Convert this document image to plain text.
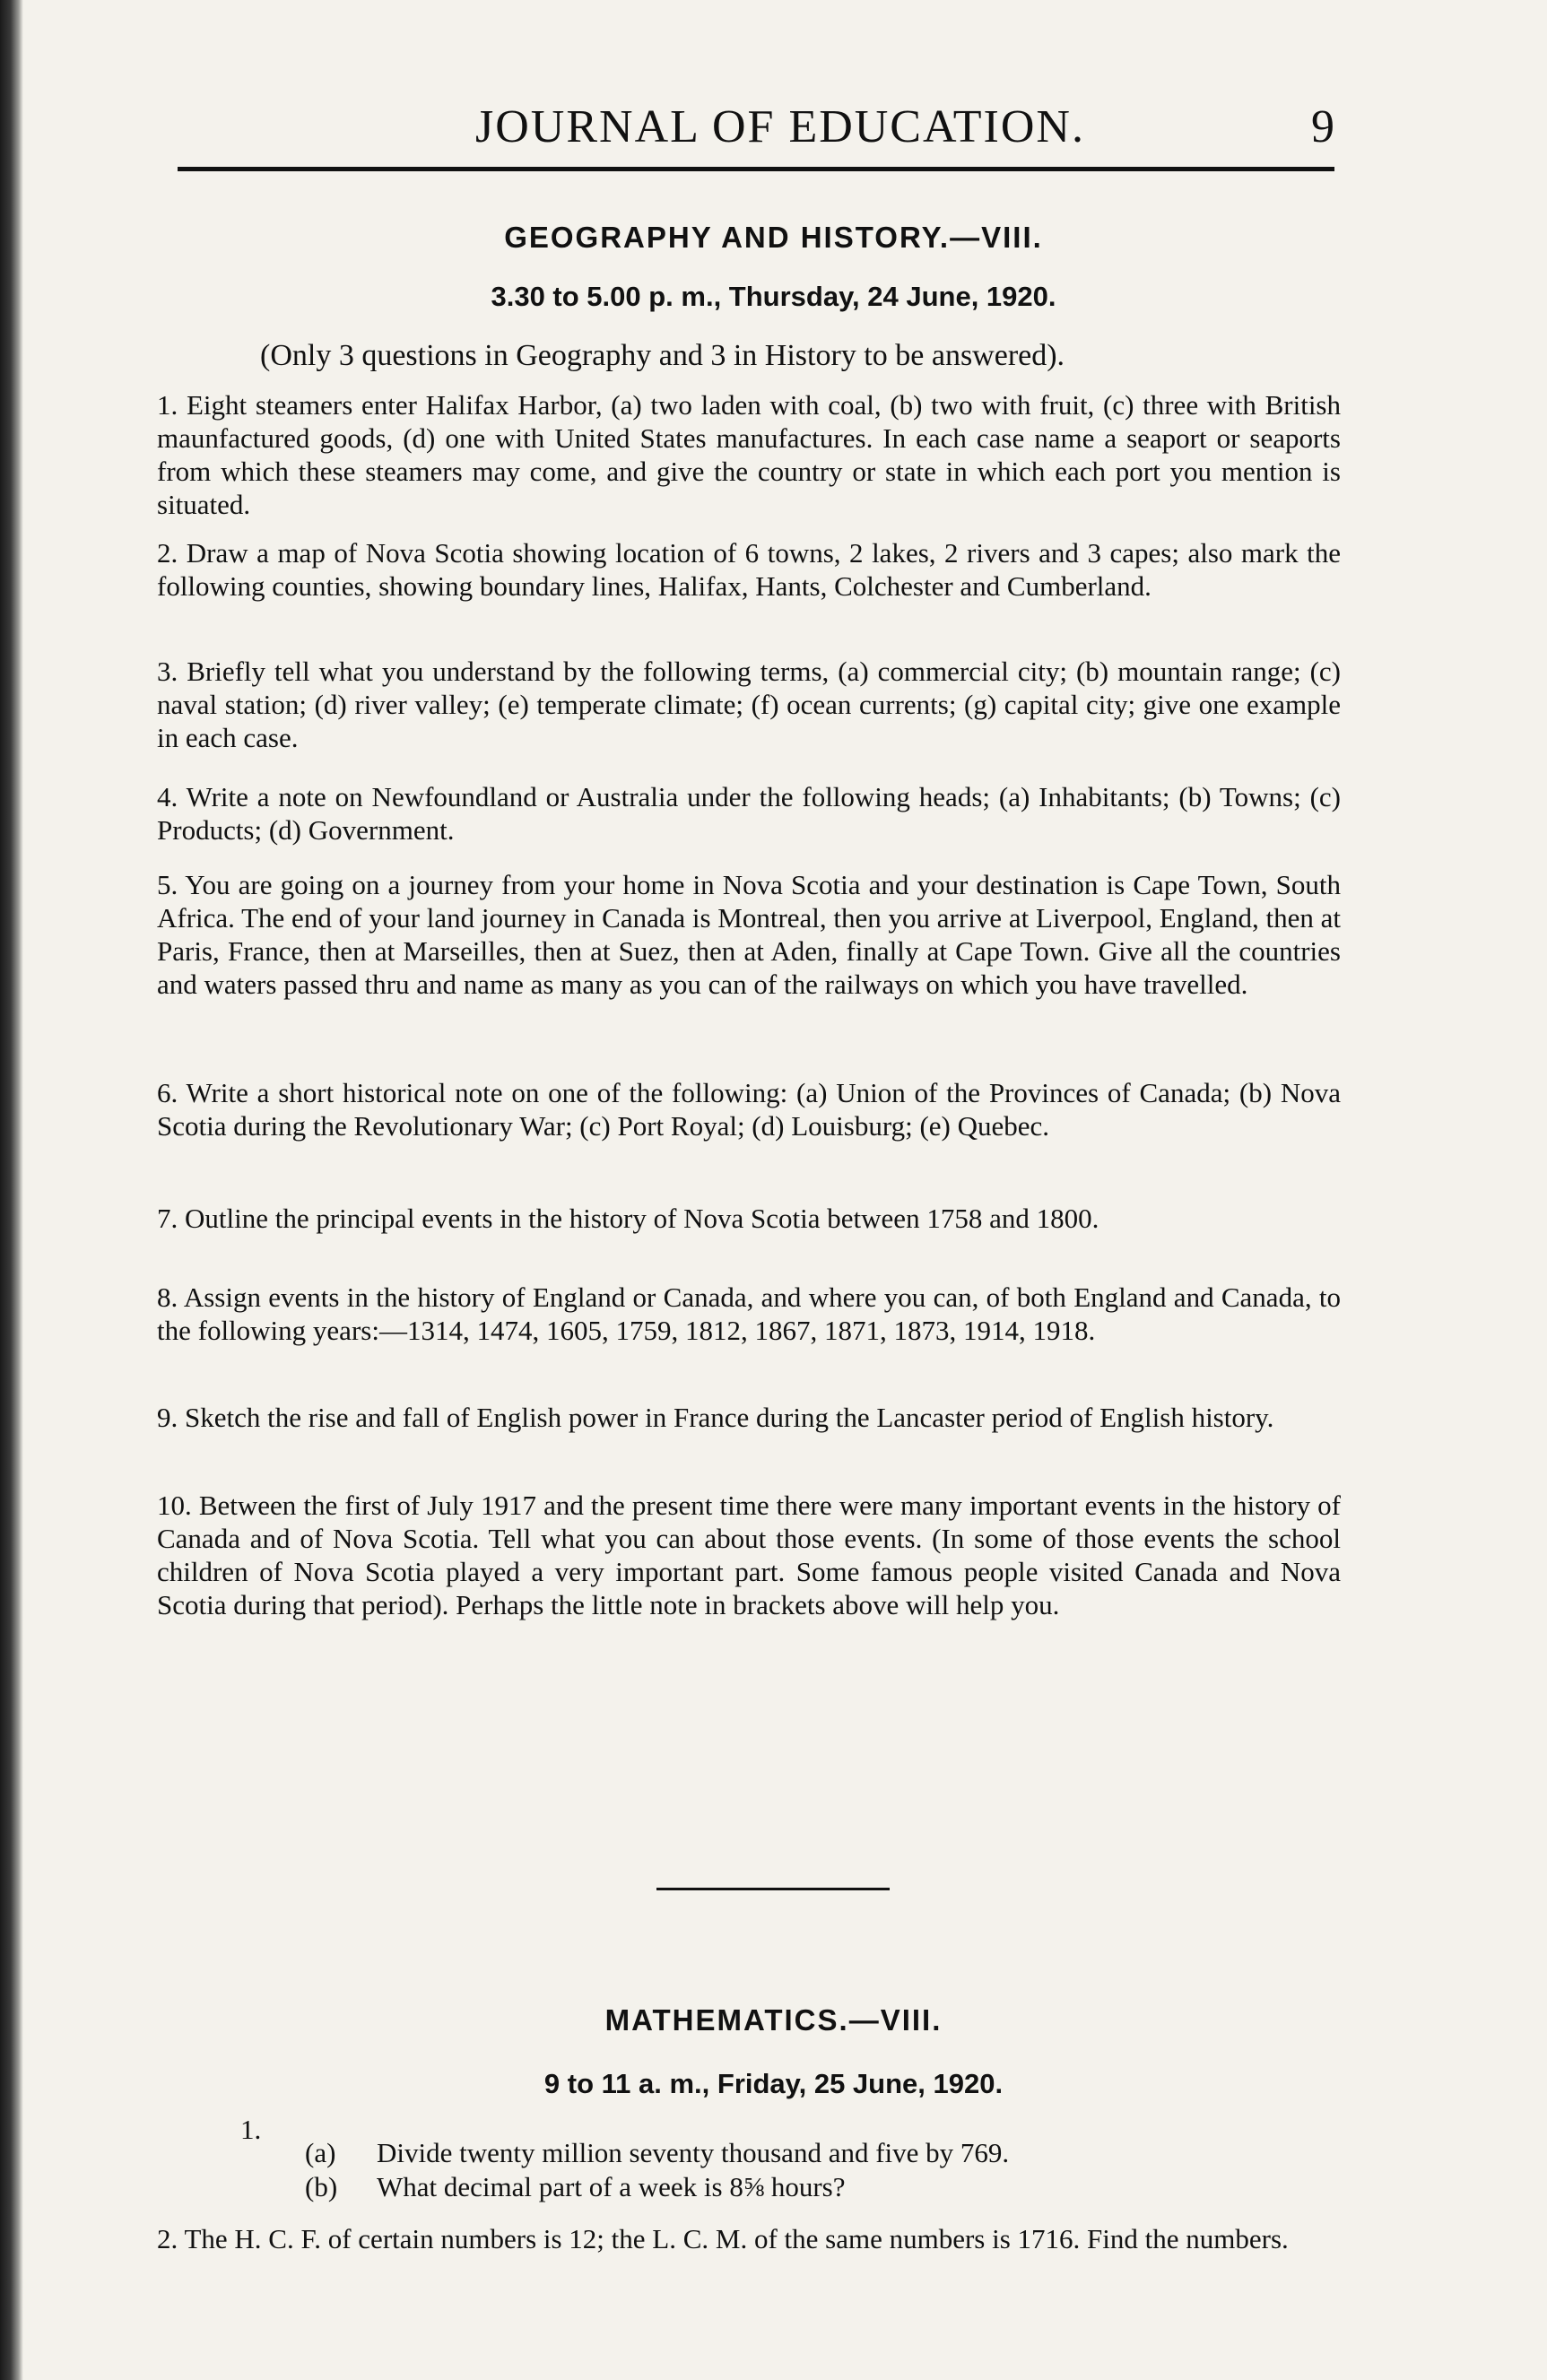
JOURNAL OF EDUCATION.	9
GEOGRAPHY AND HISTORY.—VIII.
3.30 to 5.00 p. m., Thursday, 24 June, 1920.
(Only 3 questions in Geography and 3 in History to be answered).
1. Eight steamers enter Halifax Harbor, (a) two laden with coal, (b) two with fruit, (c) three with British maunfactured goods, (d) one with United States manufactures. In each case name a seaport or seaports from which these steamers may come, and give the country or state in which each port you mention is situated.
2. Draw a map of Nova Scotia showing location of 6 towns, 2 lakes, 2 rivers and 3 capes; also mark the following counties, showing boundary lines, Halifax, Hants, Colchester and Cumberland.
3. Briefly tell what you understand by the following terms, (a) commercial city; (b) mountain range; (c) naval station; (d) river valley; (e) temperate climate; (f) ocean currents; (g) capital city; give one example in each case.
4. Write a note on Newfoundland or Australia under the following heads; (a) Inhabitants; (b) Towns; (c) Products; (d) Government.
5. You are going on a journey from your home in Nova Scotia and your destination is Cape Town, South Africa. The end of your land journey in Canada is Montreal, then you arrive at Liverpool, England, then at Paris, France, then at Marseilles, then at Suez, then at Aden, finally at Cape Town. Give all the countries and waters passed thru and name as many as you can of the railways on which you have travelled.
6. Write a short historical note on one of the following: (a) Union of the Provinces of Canada; (b) Nova Scotia during the Revolutionary War; (c) Port Royal; (d) Louisburg; (e) Quebec.
7. Outline the principal events in the history of Nova Scotia between 1758 and 1800.
8. Assign events in the history of England or Canada, and where you can, of both England and Canada, to the following years:—1314, 1474, 1605, 1759, 1812, 1867, 1871, 1873, 1914, 1918.
9. Sketch the rise and fall of English power in France during the Lancaster period of English history.
10. Between the first of July 1917 and the present time there were many important events in the history of Canada and of Nova Scotia. Tell what you can about those events. (In some of those events the school children of Nova Scotia played a very important part. Some famous people visited Canada and Nova Scotia during that period). Perhaps the little note in brackets above will help you.
MATHEMATICS.—VIII.
9 to 11 a. m., Friday, 25 June, 1920.
1.
(a) Divide twenty million seventy thousand and five by 769.
(b) What decimal part of a week is 8⅝ hours?
2. The H. C. F. of certain numbers is 12; the L. C. M. of the same numbers is 1716. Find the numbers.
